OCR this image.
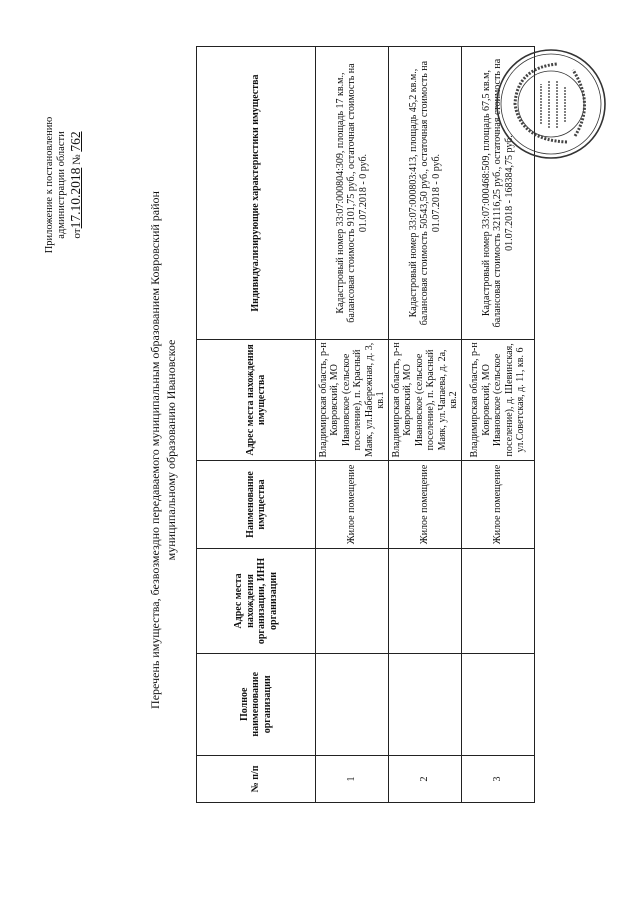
Приложение к постановлению администрации области от17.10.2018 № 762
Перечень имущества, безвозмездно передаваемого муниципальным образованием Ковровский район муниципальному образованию Ивановское
№ п/п	Полное наименование организации	Адрес места нахождения организации, ИНН организации	Наименование имущества	Адрес места нахождения имущества	Индивидуализирующие характеристики имущества
1			Жилое помещение	Владимирская область, р-н Ковровский, МО Ивановское (сельское поселение), п. Красный Маяк, ул.Набережная, д. 3, кв.1	Кадастровый номер 33:07:000804:309, площадь 17 кв.м., балансовая стоимость 9101,75 руб., остаточная стоимость на 01.07.2018 - 0 руб.
2			Жилое помещение	Владимирская область, р-н Ковровский, МО Ивановское (сельское поселение), п. Красный Маяк, ул.Чапаева, д. 2а, кв.2	Кадастровый номер 33:07:000803:413, площадь 45,2 кв.м., балансовая стоимость 50543,50 руб., остаточная стоимость на 01.07.2018 - 0 руб.
3			Жилое помещение	Владимирская область, р-н Ковровский, МО Ивановское (сельское поселение), д. Шевинская, ул.Советская, д. 11, кв. 6	Кадастровый номер 33:07:000468:509, площадь 67,5 кв.м, балансовая стоимость 321116,25 руб., остаточная стоимость на 01.07.2018 - 168384,75 руб.
